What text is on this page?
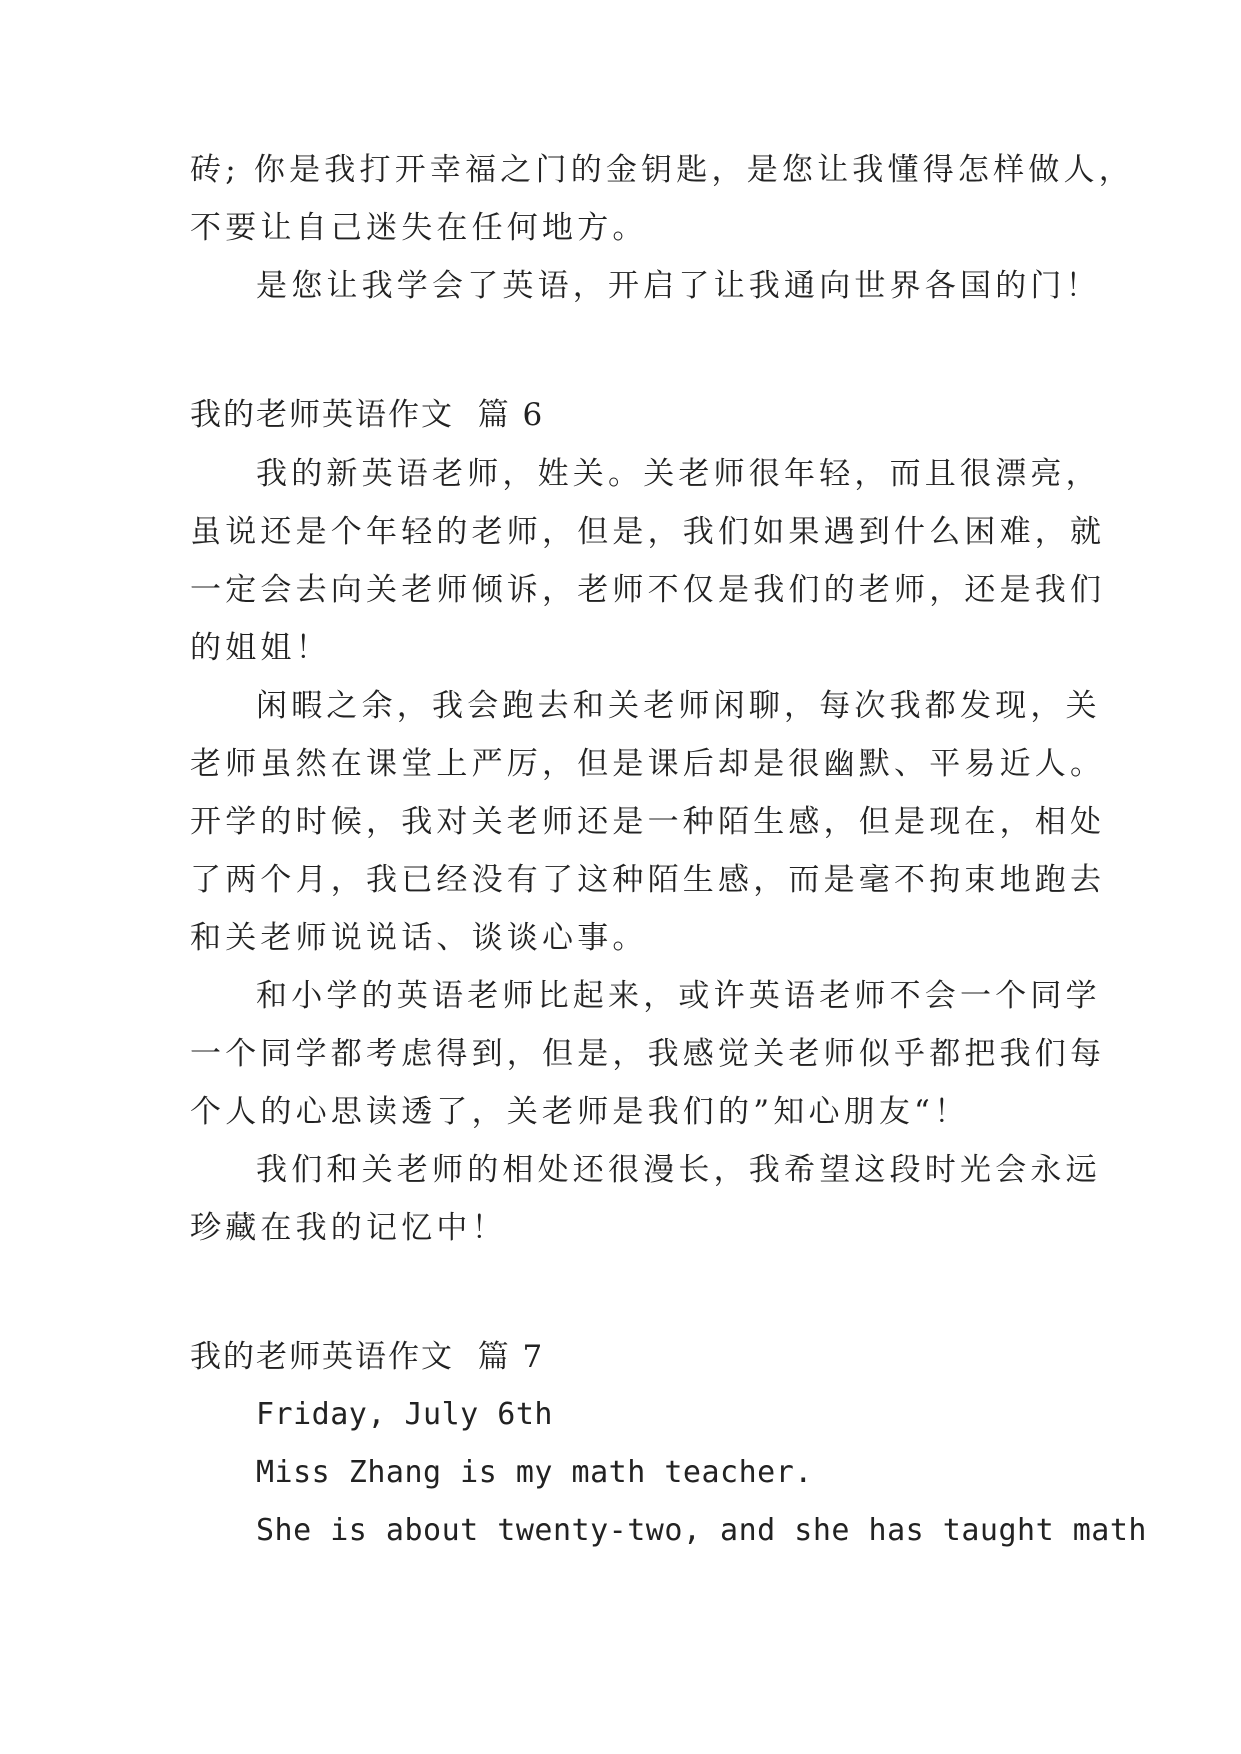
砖; 你是我打开幸福之门的金钥匙，是您让我懂得怎样做人，
不要让自己迷失在任何地方。
是您让我学会了英语，开启了让我通向世界各国的门！
我的老师英语作文  篇 6
我的新英语老师，姓关。关老师很年轻，而且很漂亮，
虽说还是个年轻的老师，但是，我们如果遇到什么困难，就
一定会去向关老师倾诉，老师不仅是我们的老师，还是我们
的姐姐！
闲暇之余，我会跑去和关老师闲聊，每次我都发现，关
老师虽然在课堂上严厉，但是课后却是很幽默、平易近人。
开学的时候，我对关老师还是一种陌生感，但是现在，相处
了两个月，我已经没有了这种陌生感，而是毫不拘束地跑去
和关老师说说话、谈谈心事。
和小学的英语老师比起来，或许英语老师不会一个同学
一个同学都考虑得到，但是，我感觉关老师似乎都把我们每
个人的心思读透了，关老师是我们的”知心朋友“！
我们和关老师的相处还很漫长，我希望这段时光会永远
珍藏在我的记忆中！
我的老师英语作文  篇 7
Friday, July 6th
Miss Zhang is my math teacher.
She is about twenty-two, and she has taught math
